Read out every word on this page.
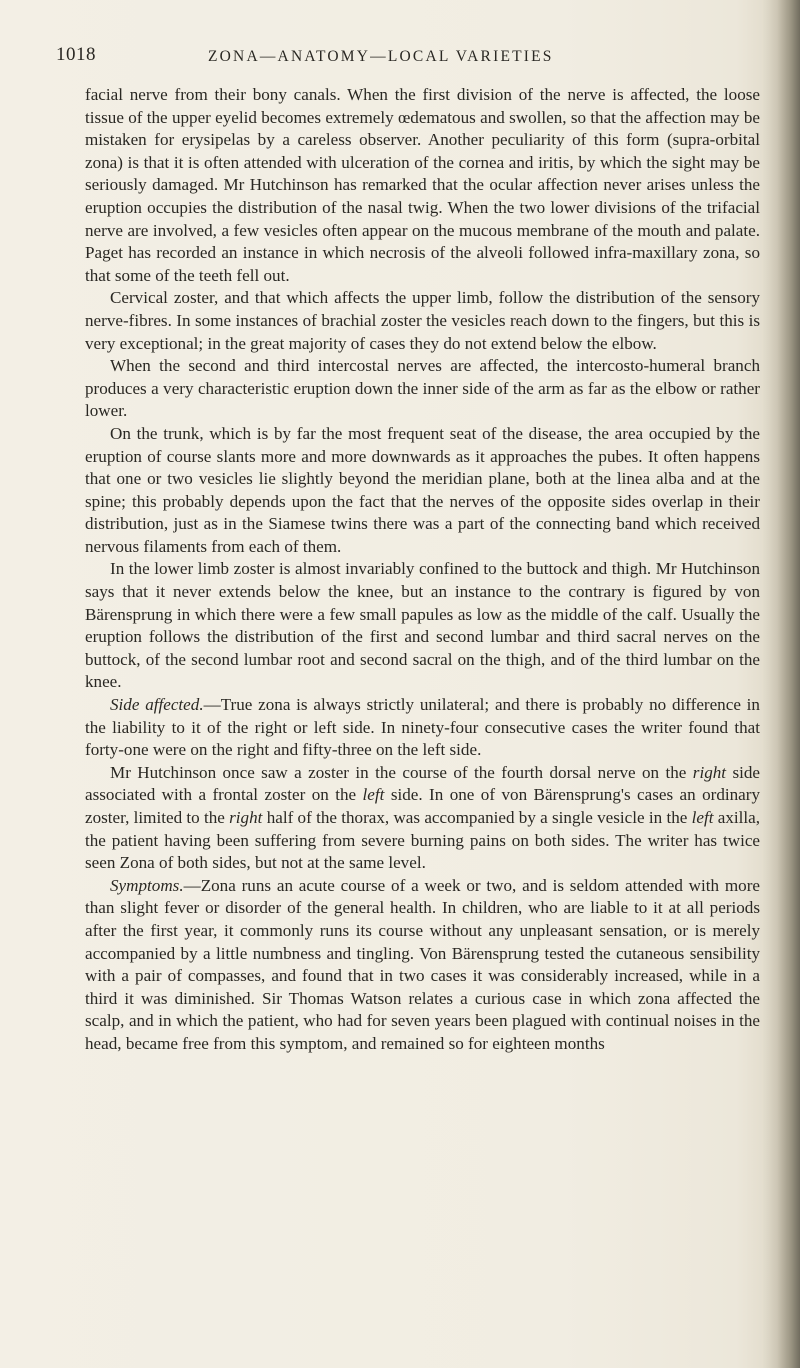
1018	ZONA—ANATOMY—LOCAL VARIETIES

facial nerve from their bony canals. When the first division of the nerve is affected, the loose tissue of the upper eyelid becomes extremely œdematous and swollen, so that the affection may be mistaken for erysipelas by a careless observer. Another peculiarity of this form (supra-orbital zona) is that it is often attended with ulceration of the cornea and iritis, by which the sight may be seriously damaged. Mr Hutchinson has remarked that the ocular affection never arises unless the eruption occupies the distribution of the nasal twig. When the two lower divisions of the trifacial nerve are involved, a few vesicles often appear on the mucous membrane of the mouth and palate. Paget has recorded an instance in which necrosis of the alveoli followed infra-maxillary zona, so that some of the teeth fell out.

Cervical zoster, and that which affects the upper limb, follow the distribution of the sensory nerve-fibres. In some instances of brachial zoster the vesicles reach down to the fingers, but this is very exceptional; in the great majority of cases they do not extend below the elbow.

When the second and third intercostal nerves are affected, the intercosto-humeral branch produces a very characteristic eruption down the inner side of the arm as far as the elbow or rather lower.

On the trunk, which is by far the most frequent seat of the disease, the area occupied by the eruption of course slants more and more downwards as it approaches the pubes. It often happens that one or two vesicles lie slightly beyond the meridian plane, both at the linea alba and at the spine; this probably depends upon the fact that the nerves of the opposite sides overlap in their distribution, just as in the Siamese twins there was a part of the connecting band which received nervous filaments from each of them.

In the lower limb zoster is almost invariably confined to the buttock and thigh. Mr Hutchinson says that it never extends below the knee, but an instance to the contrary is figured by von Bärensprung in which there were a few small papules as low as the middle of the calf. Usually the eruption follows the distribution of the first and second lumbar and third sacral nerves on the buttock, of the second lumbar root and second sacral on the thigh, and of the third lumbar on the knee.

Side affected.—True zona is always strictly unilateral; and there is probably no difference in the liability to it of the right or left side. In ninety-four consecutive cases the writer found that forty-one were on the right and fifty-three on the left side.

Mr Hutchinson once saw a zoster in the course of the fourth dorsal nerve on the right side associated with a frontal zoster on the left side. In one of von Bärensprung's cases an ordinary zoster, limited to the right half of the thorax, was accompanied by a single vesicle in the left axilla, the patient having been suffering from severe burning pains on both sides. The writer has twice seen Zona of both sides, but not at the same level.

Symptoms.—Zona runs an acute course of a week or two, and is seldom attended with more than slight fever or disorder of the general health. In children, who are liable to it at all periods after the first year, it commonly runs its course without any unpleasant sensation, or is merely accompanied by a little numbness and tingling. Von Bärensprung tested the cutaneous sensibility with a pair of compasses, and found that in two cases it was considerably increased, while in a third it was diminished. Sir Thomas Watson relates a curious case in which zona affected the scalp, and in which the patient, who had for seven years been plagued with continual noises in the head, became free from this symptom, and remained so for eighteen months
